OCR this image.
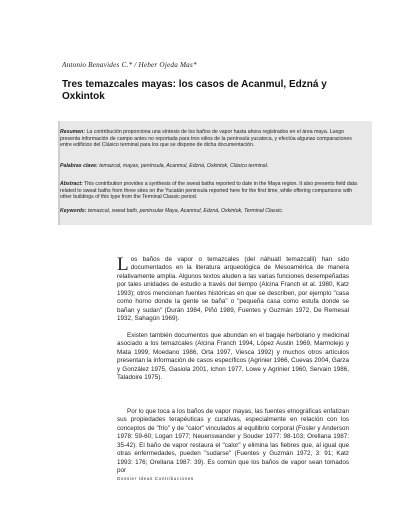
Antonio Benavides C.* / Heber Ojeda Mas*
Tres temazcales mayas: los casos de Acanmul, Edzná y Oxkintok

Resumen: La contribución proporciona una síntesis de los baños de vapor hasta ahora registrados en el área maya. Luego presenta información de campo antes no reportada para tres sitios de la península yucateca, y efectúa algunas comparaciones entre edificios del Clásico terminal para los que se dispone de dicha documentación.

Palabras clave: temazcal, mayas, península, Acanmul, Edzná, Oxkintok, Clásico terminal.

Abstract: This contribution provides a synthesis of the sweat baths reported to date in the Maya region. It also presents field data related to sweat baths from three sites on the Yucatán peninsula reported here for the first time, while offering comparisons with other buildings of this type from the Terminal Classic period.

Keywords: temazcal, sweat bath, peninsular Maya, Acanmul, Edzná, Oxkintok, Terminal Classic.

Los baños de vapor o temazcales (del náhuatl temazcalli) han sido documentados en la literatura arqueológica de Mesoamérica de manera relativamente amplia. Algunos textos aluden a las varias funciones desempeñadas por tales unidades de estudio a través del tiempo (Alcina Franch et al. 1980, Katz 1993); otros mencionan fuentes históricas en que se describen, por ejemplo "casa como horno donde la gente se baña" o "pequeña casa como estufa donde se bañan y sudan" (Durán 1984, Piñó 1989, Fuentes y Guzmán 1972, De Remesal 1932, Sahagún 1969).

Existen también documentos que abundan en el bagaje herbolario y medicinal asociado a los temazcales (Alcina Franch 1994, López Austin 1969, Marmolejo y Mata 1999, Moedano 1986, Orta 1997, Viesca 1992) y muchos otros artículos presentan la información de casos específicos (Agrinier 1966, Cuevas 2004, Garza y González 1975, Gasiola 2001, Ichon 1977, Lowe y Agrinier 1960, Servain 1986, Taladoire 1975).

Por lo que toca a los baños de vapor mayas, las fuentes etnográficas enfatizan sus propiedades terapéuticas y curativas, especialmente en relación con los conceptos de "frío" y de "calor" vinculados al equilibrio corporal (Fosler y Anderson 1978: 59-60; Logan 1977; Neuenswander y Souder 1977: 98-103; Orellana 1987: 35-42). El baño de vapor restaura el "calor" y elimina las fiebres que, al igual que otras enfermedades, pueden "sudarse" (Fuentes y Guzmán 1972, 3: 91; Katz 1993: 176; Orellana 1987: 39). Es común que los baños de vapor sean tomados por

Dossier Ideas Contribuciones
